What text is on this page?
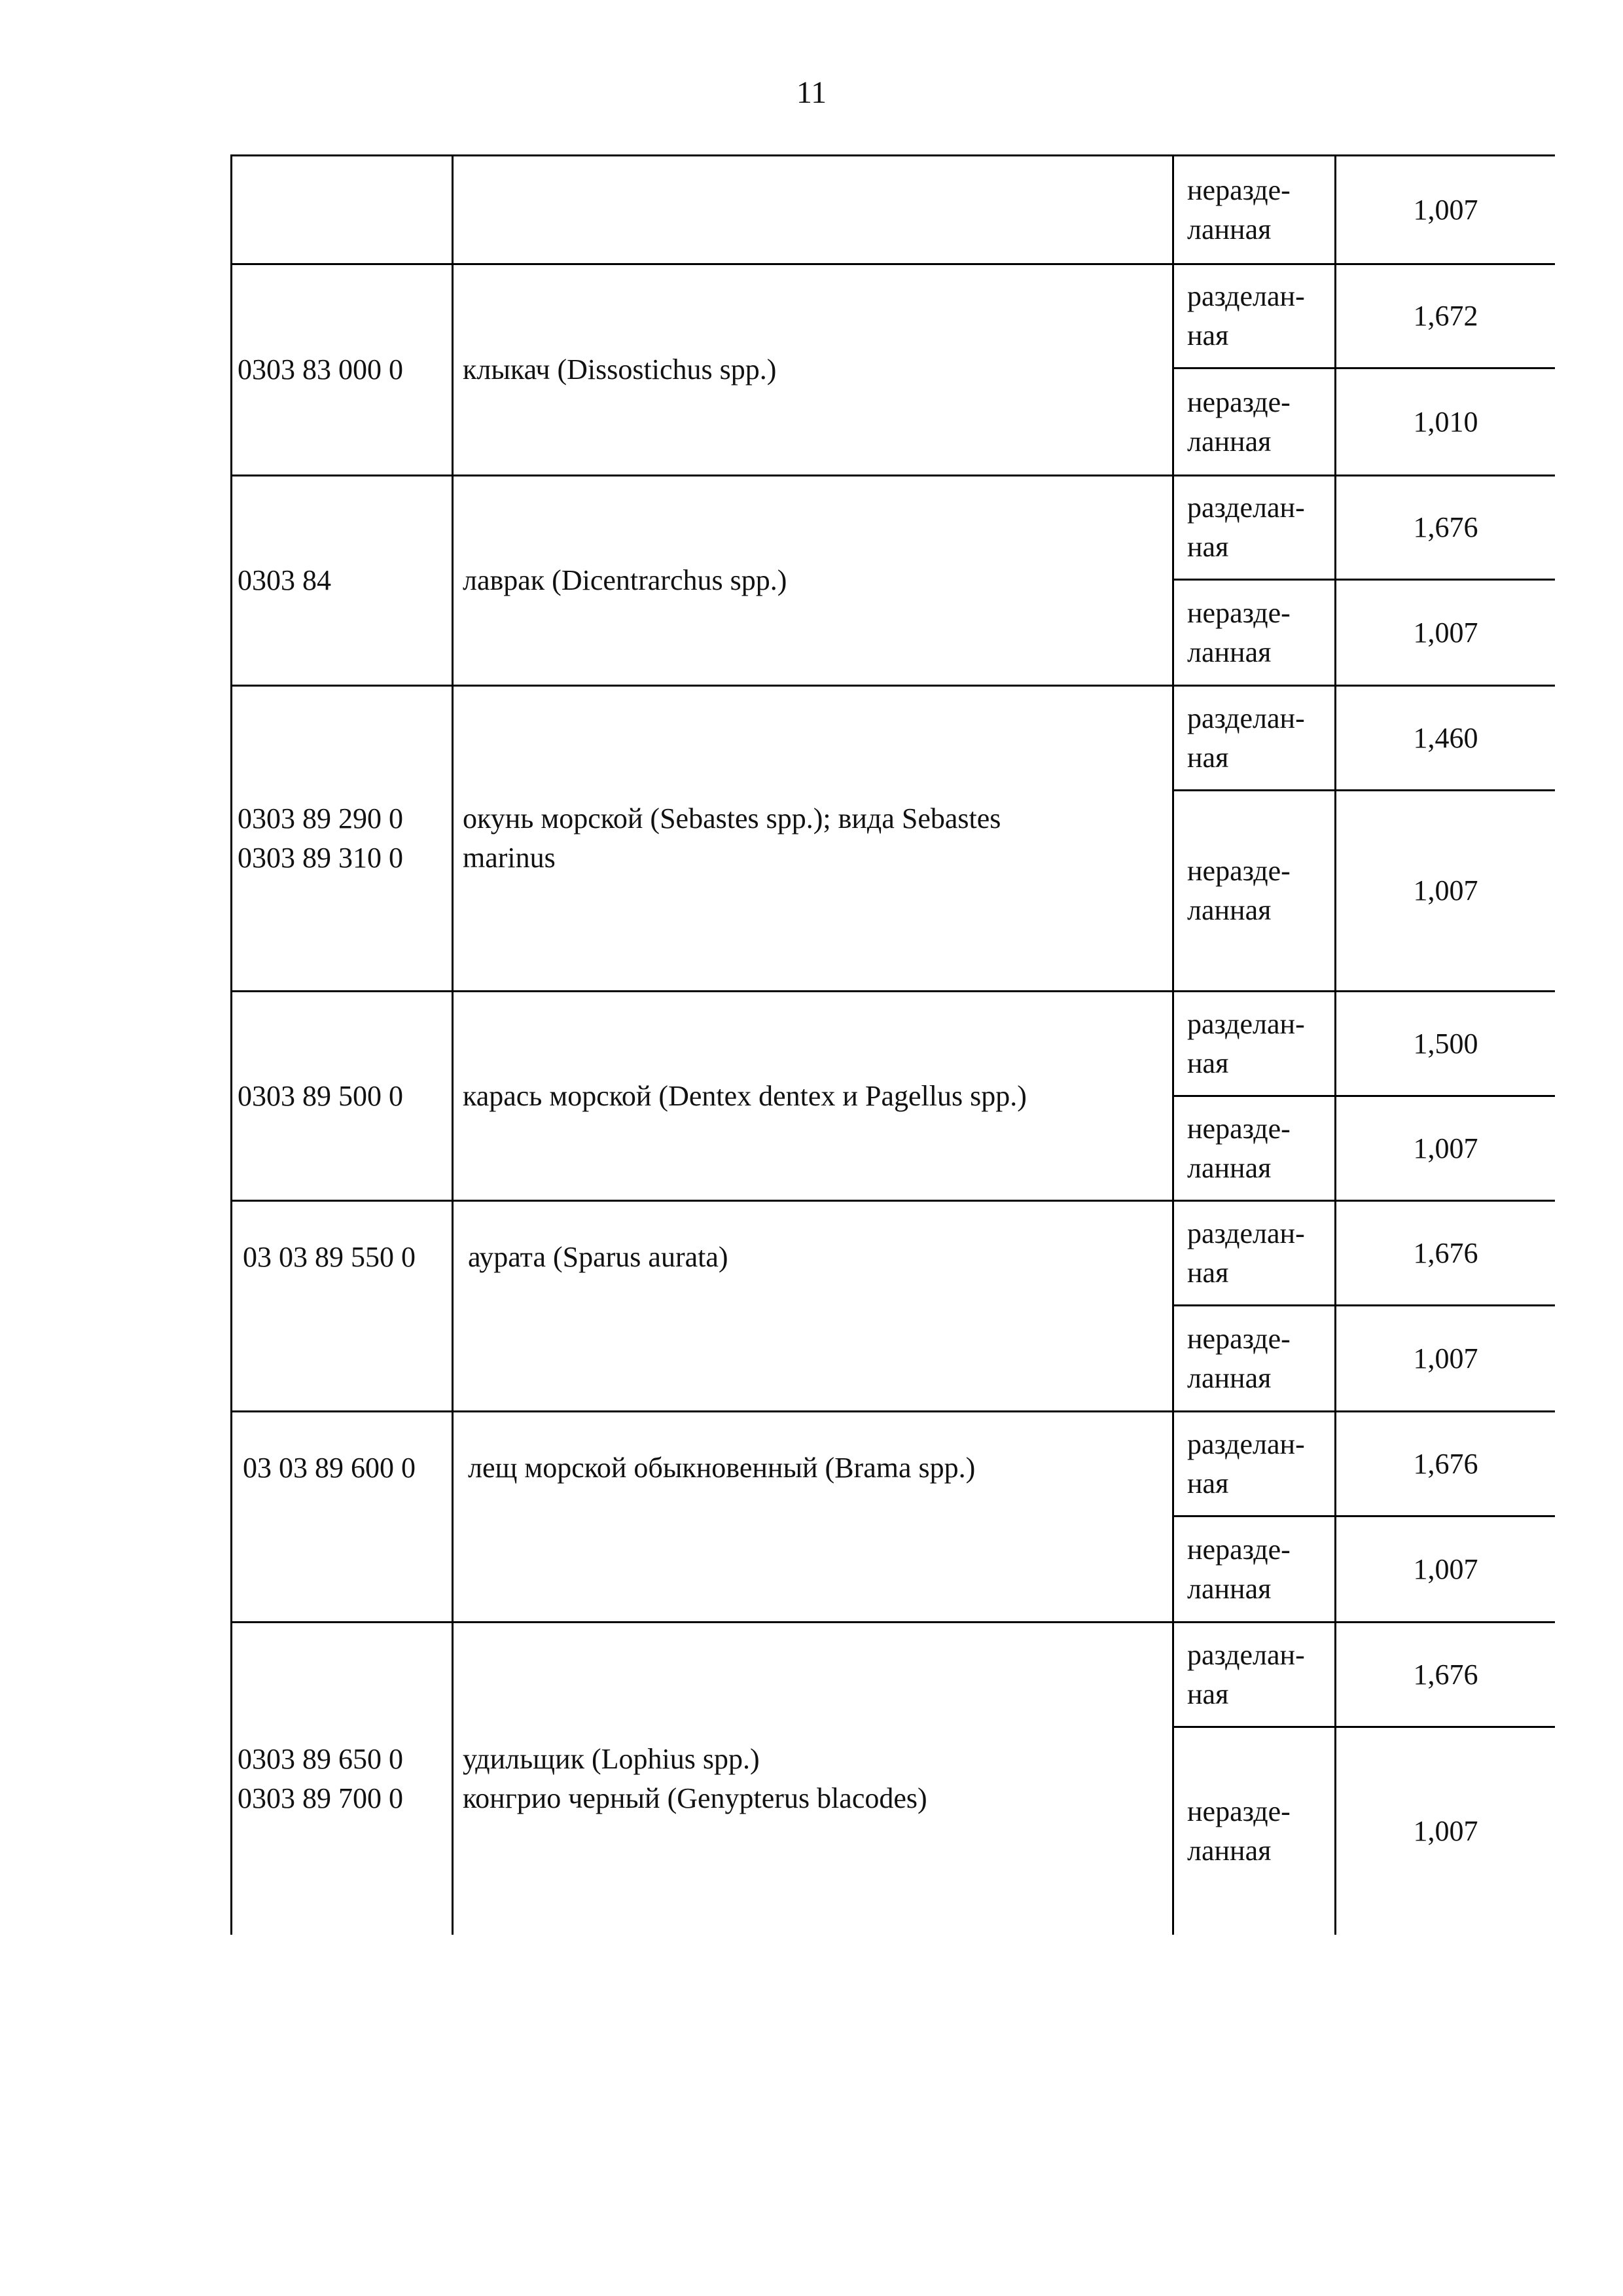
11
неразде-
ланная
1,007
0303 83 000 0 клыкач (Dissostichus spp.)
разделан-
ная
1,672
неразде-
ланная
1,010
0303 84	лаврак (Dicentrarchus spp.)
разделан-
ная
1,676
неразде-
ланная
1,007
0303 89 290 0
0303 89 310 0
окунь морской (Sebastes spp.); вида Sebastes
marinus
разделан-
ная
1,460
неразде-
ланная
1,007
0303 89 500 0 карась морской (Dentex dentex и Pagellus spp.)
разделан-
ная
1,500
неразде-
ланная
1,007
03 03 89 550 0 аурата (Sparus aurata)
разделан-
ная
1,676
неразде-
ланная
1,007
03 03 89 600 0 лещ морской обыкновенный (Brama spp.)
разделан-
ная
1,676
неразде-
ланная
1,007
0303 89 650 0
0303 89 700 0
удильщик (Lophius spp.)
конгрио черный (Genypterus blacodes)
разделан-
ная
1,676
неразде-
ланная
1,007
